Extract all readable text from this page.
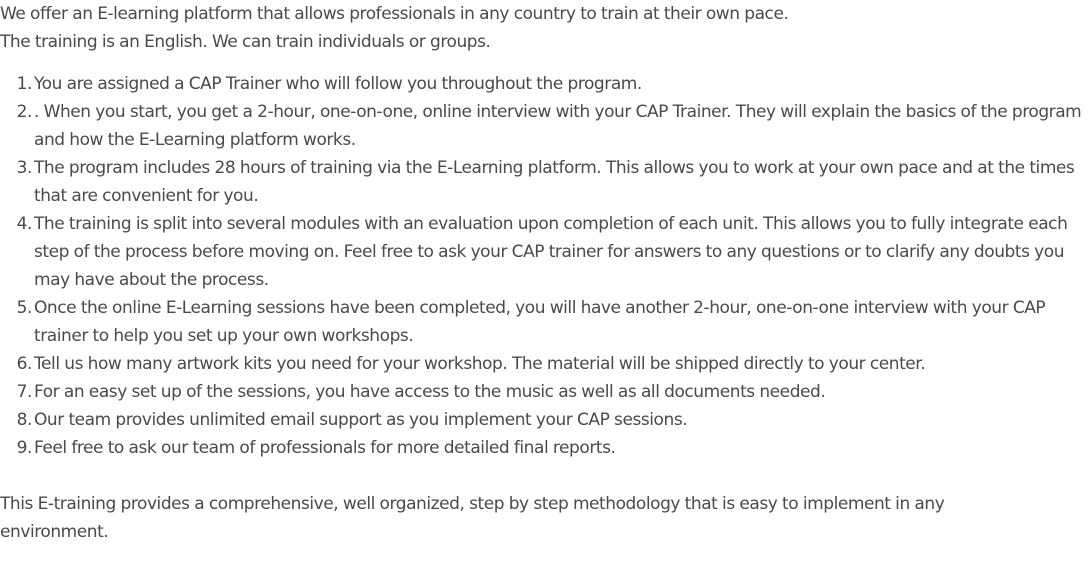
We offer an E-learning platform that allows professionals in any country to train at their own pace.

The training is an English. We can train individuals or groups.

1. You are assigned a CAP Trainer who will follow you throughout the program.
2. . When you start, you get a 2-hour, one-on-one, online interview with your CAP Trainer. They will explain the basics of the program and how the E-Learning platform works.
3. The program includes 28 hours of training via the E-Learning platform. This allows you to work at your own pace and at the times that are convenient for you.
4. The training is split into several modules with an evaluation upon completion of each unit. This allows you to fully integrate each step of the process before moving on. Feel free to ask your CAP trainer for answers to any questions or to clarify any doubts you may have about the process.
5. Once the online E-Learning sessions have been completed, you will have another 2-hour, one-on-one interview with your CAP trainer to help you set up your own workshops.
6. Tell us how many artwork kits you need for your workshop. The material will be shipped directly to your center.
7. For an easy set up of the sessions, you have access to the music as well as all documents needed.
8. Our team provides unlimited email support as you implement your CAP sessions.
9. Feel free to ask our team of professionals for more detailed final reports.

This E-training provides a comprehensive, well organized, step by step methodology that is easy to implement in any environment.
